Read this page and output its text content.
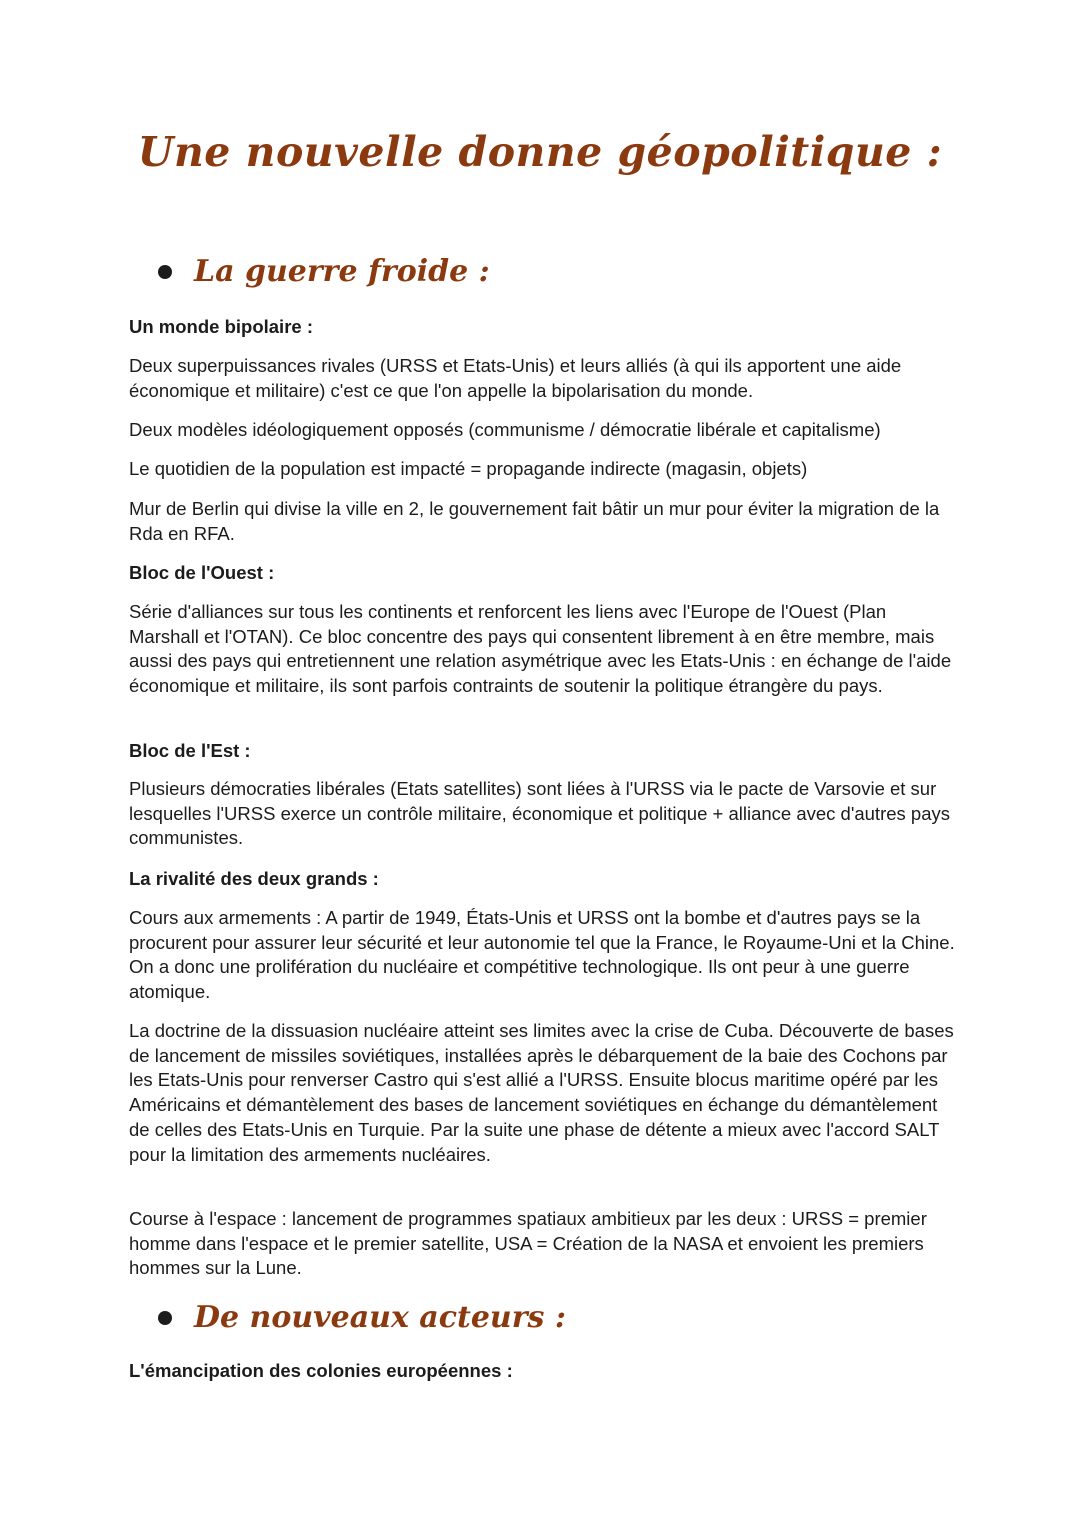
Une nouvelle donne géopolitique :
La guerre froide :

Un monde bipolaire :

Deux superpuissances rivales (URSS et Etats-Unis) et leurs alliés (à qui ils apportent une aide économique et militaire) c'est ce que l'on appelle la bipolarisation du monde.

Deux modèles idéologiquement opposés (communisme / démocratie libérale et capitalisme)

Le quotidien de la population est impacté = propagande indirecte (magasin, objets)

Mur de Berlin qui divise la ville en 2, le gouvernement fait bâtir un mur pour éviter la migration de la Rda en RFA.

Bloc de l'Ouest :

Série d'alliances sur tous les continents et renforcent les liens avec l'Europe de l'Ouest (Plan Marshall et l'OTAN). Ce bloc concentre des pays qui consentent librement à en être membre, mais aussi des pays qui entretiennent une relation asymétrique avec les Etats-Unis : en échange de l'aide économique et militaire, ils sont parfois contraints de soutenir la politique étrangère du pays.

Bloc de l'Est :

Plusieurs démocraties libérales (Etats satellites) sont liées à l'URSS via le pacte de Varsovie et sur lesquelles l'URSS exerce un contrôle militaire, économique et politique + alliance avec d'autres pays communistes.

La rivalité des deux grands :

Cours aux armements : A partir de 1949, États-Unis et URSS ont la bombe et d'autres pays se la procurent pour assurer leur sécurité et leur autonomie tel que la France, le Royaume-Uni et la Chine. On a donc une prolifération du nucléaire et compétitive technologique. Ils ont peur à une guerre atomique.

La doctrine de la dissuasion nucléaire atteint ses limites avec la crise de Cuba. Découverte de bases de lancement de missiles soviétiques, installées après le débarquement de la baie des Cochons par les Etats-Unis pour renverser Castro qui s'est allié a l'URSS. Ensuite blocus maritime opéré par les Américains et démantèlement des bases de lancement soviétiques en échange du démantèlement de celles des Etats-Unis en Turquie. Par la suite une phase de détente a mieux avec l'accord SALT pour la limitation des armements nucléaires.

Course à l'espace : lancement de programmes spatiaux ambitieux par les deux : URSS = premier homme dans l'espace et le premier satellite, USA = Création de la NASA et envoient les premiers hommes sur la Lune.

De nouveaux acteurs :

L'émancipation des colonies européennes :
